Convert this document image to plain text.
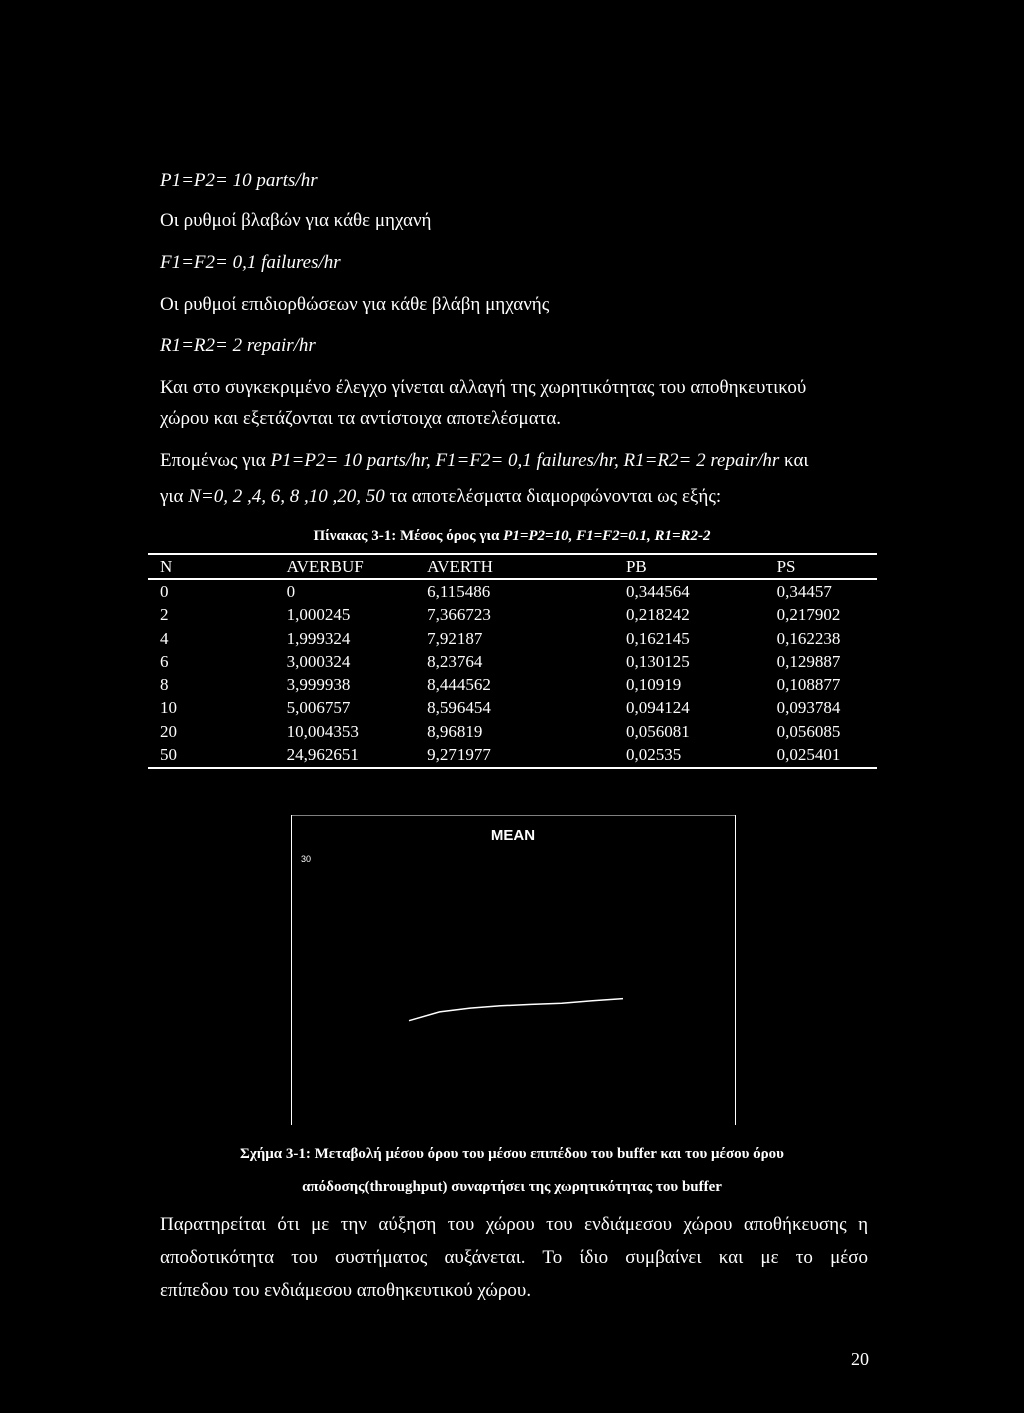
P1=P2= 10 parts/hr
Οι ρυθμοί βλαβών για κάθε μηχανή
F1=F2= 0,1 failures/hr
Οι ρυθμοί επιδιορθώσεων για κάθε βλάβη μηχανής
R1=R2= 2 repair/hr
Και στο συγκεκριμένο έλεγχο γίνεται αλλαγή της χωρητικότητας του αποθηκευτικού
χώρου και εξετάζονται τα αντίστοιχα αποτελέσματα.
Επομένως για P1=P2= 10 parts/hr, F1=F2= 0,1 failures/hr, R1=R2= 2 repair/hr και
για N=0, 2 ,4, 6, 8 ,10 ,20, 50 τα αποτελέσματα διαμορφώνονται ως εξής:
Πίνακας 3-1: Μέσος όρος για P1=P2=10, F1=F2=0.1, R1=R2-2
N	AVERBUF	AVERTH	PB	PS
0	0	6,115486	0,344564	0,34457
2	1,000245	7,366723	0,218242	0,217902
4	1,999324	7,92187	0,162145	0,162238
6	3,000324	8,23764	0,130125	0,129887
8	3,999938	8,444562	0,10919	0,108877
10	5,006757	8,596454	0,094124	0,093784
20	10,004353	8,96819	0,056081	0,056085
50	24,962651	9,271977	0,02535	0,025401
MEAN
30
Σχήμα 3-1: Μεταβολή μέσου όρου του μέσου επιπέδου του buffer και του μέσου όρου
απόδοσης(throughput) συναρτήσει της χωρητικότητας του buffer
Παρατηρείται ότι με την αύξηση του χώρου του ενδιάμεσου χώρου αποθήκευσης η
αποδοτικότητα του συστήματος αυξάνεται. Το ίδιο συμβαίνει και με το μέσο
επίπεδου του ενδιάμεσου αποθηκευτικού χώρου.
20
